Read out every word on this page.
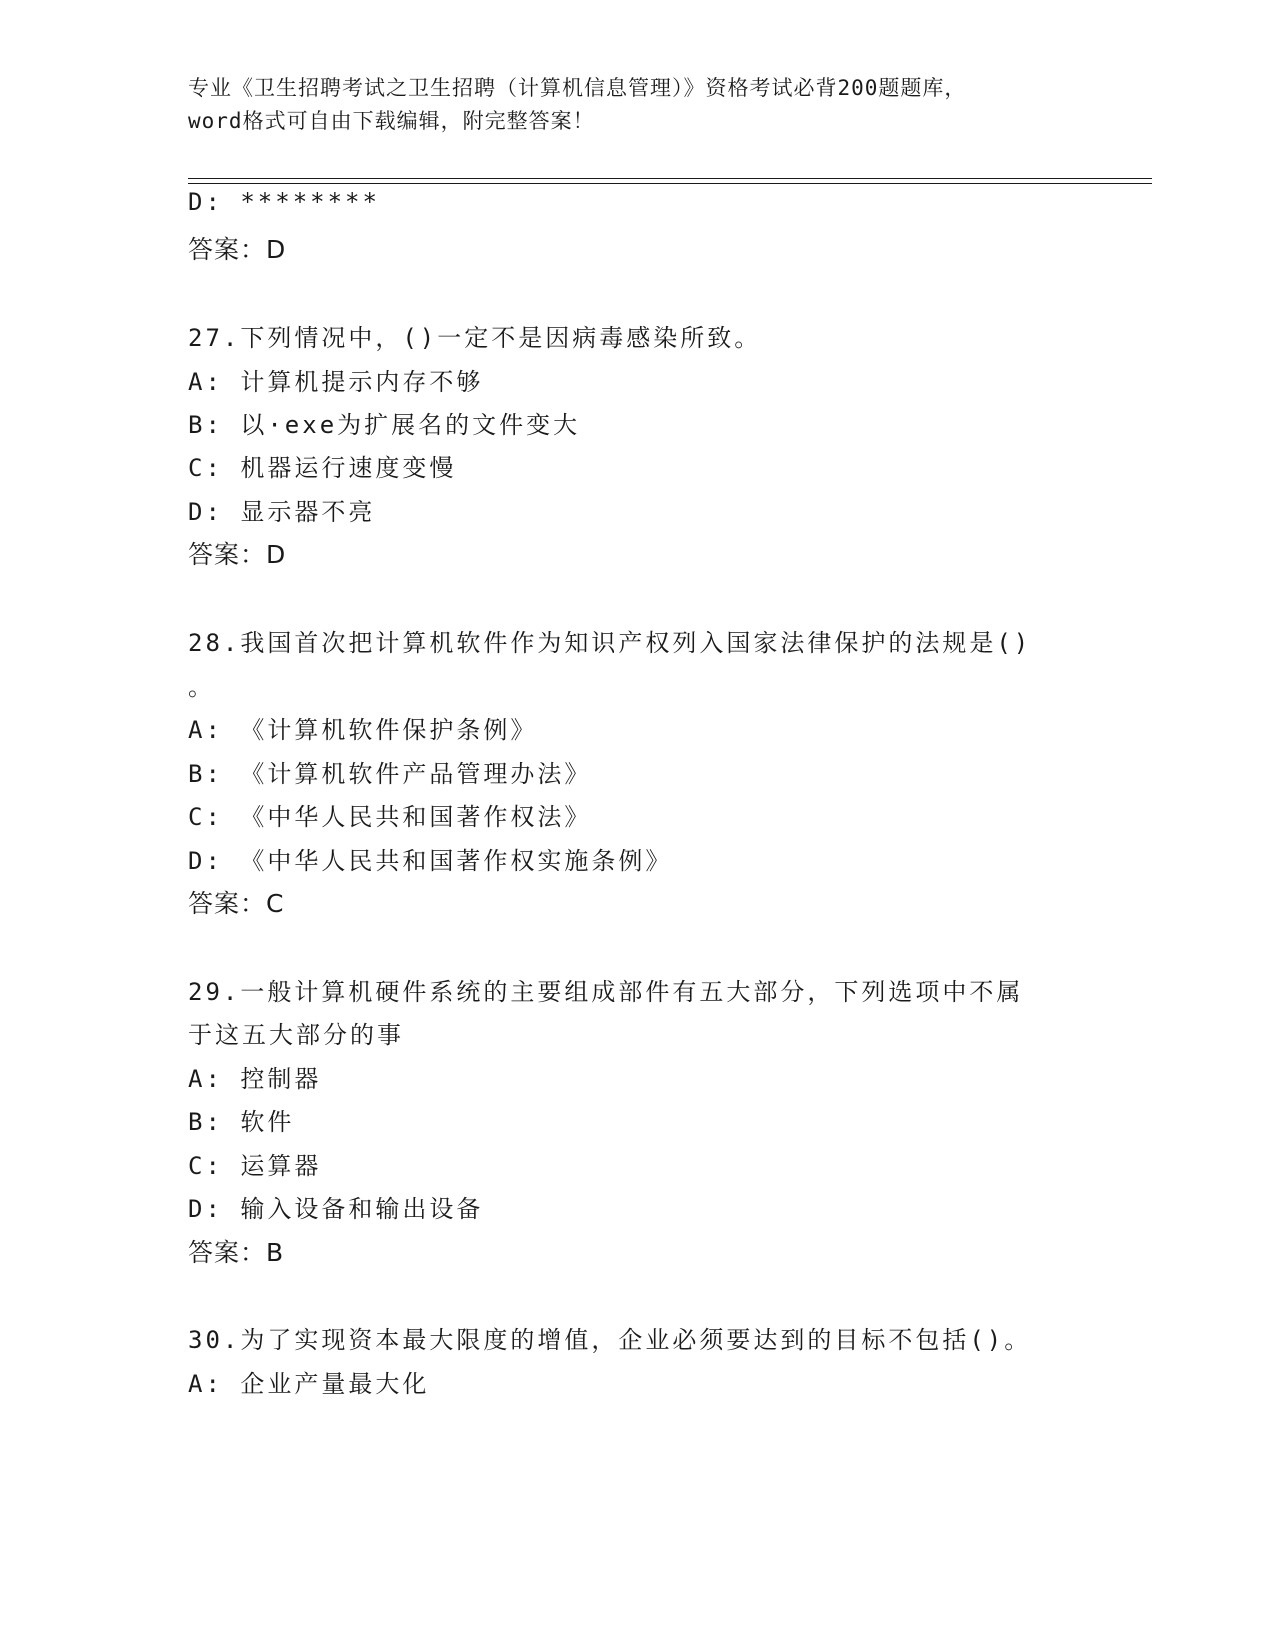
专业《卫生招聘考试之卫生招聘（计算机信息管理）》资格考试必背200题题库，
word格式可自由下载编辑，附完整答案！
D: ********
答案：D
27.下列情况中，()一定不是因病毒感染所致。
A: 计算机提示内存不够
B: 以·exe为扩展名的文件变大
C: 机器运行速度变慢
D: 显示器不亮
答案：D
28.我国首次把计算机软件作为知识产权列入国家法律保护的法规是()
。
A: 《计算机软件保护条例》
B: 《计算机软件产品管理办法》
C: 《中华人民共和国著作权法》
D: 《中华人民共和国著作权实施条例》
答案：C
29.一般计算机硬件系统的主要组成部件有五大部分，下列选项中不属
于这五大部分的事
A: 控制器
B: 软件
C: 运算器
D: 输入设备和输出设备
答案：B
30.为了实现资本最大限度的增值，企业必须要达到的目标不包括()。
A: 企业产量最大化
